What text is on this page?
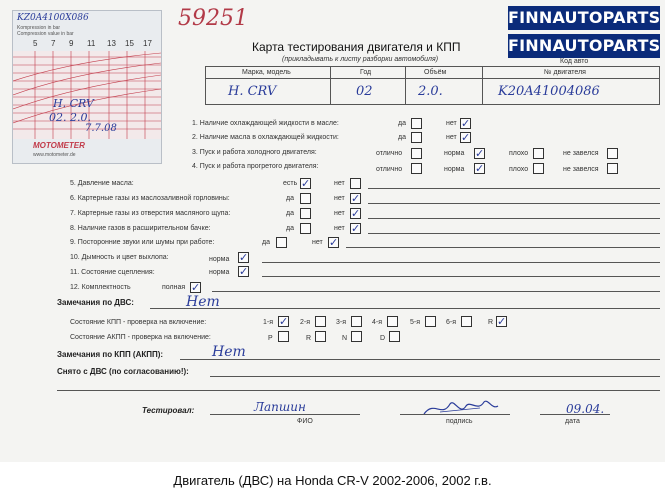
FINNAUTOPARTS
FINNAUTOPARTS
KZ0A4100X086
Kompression in bar
Compression value in bar
5 7 9 11 13 15 17
H. CRV
02. 2.0.
7.7.08
MOTOMETER
www.motometer.de
59251
Карта тестирования двигателя и КПП
(прикладывать к листу разборки автомобиля)	Код авто
Марка, модель	Год	Объём	№ двигателя
H. CRV	02	2.0.	K20A41004086
1. Наличие охлаждающей жидкости в масле:	да	нет ✓
2. Наличие масла в охлаждающей жидкости:	да	нет ✓
3. Пуск и работа холодного двигателя:	отлично	норма ✓	плохо	не завелся
4. Пуск и работа прогретого двигателя:	отлично	норма ✓	плохо	не завелся
5. Давление масла:	есть ✓	нет
6. Картерные газы из маслозаливной горловины:	да	нет ✓
7. Картерные газы из отверстия масляного щупа:	да	нет ✓
8. Наличие газов в расширительном бачке:	да	нет ✓
9. Посторонние звуки или шумы при работе:	да	нет ✓
10. Дымность и цвет выхлопа:	норма ✓
11. Состояние сцепления:	норма ✓
12. Комплектность	полная ✓
Замечания по ДВС:	Нет
Состояние КПП - проверка на включение:	1-я ✓ 2-я	3-я	4-я	5-я	6-я	R ✓
Состояние АКПП - проверка на включение:	P	R	N	D
Замечания по КПП (АКПП):	Нет
Снято с ДВС (по согласованию!):
Тестировал:	Лапшин
ФИО	подпись
09.04.
дата
Двигатель (ДВС) на Honda CR-V 2002-2006, 2002 г.в.
